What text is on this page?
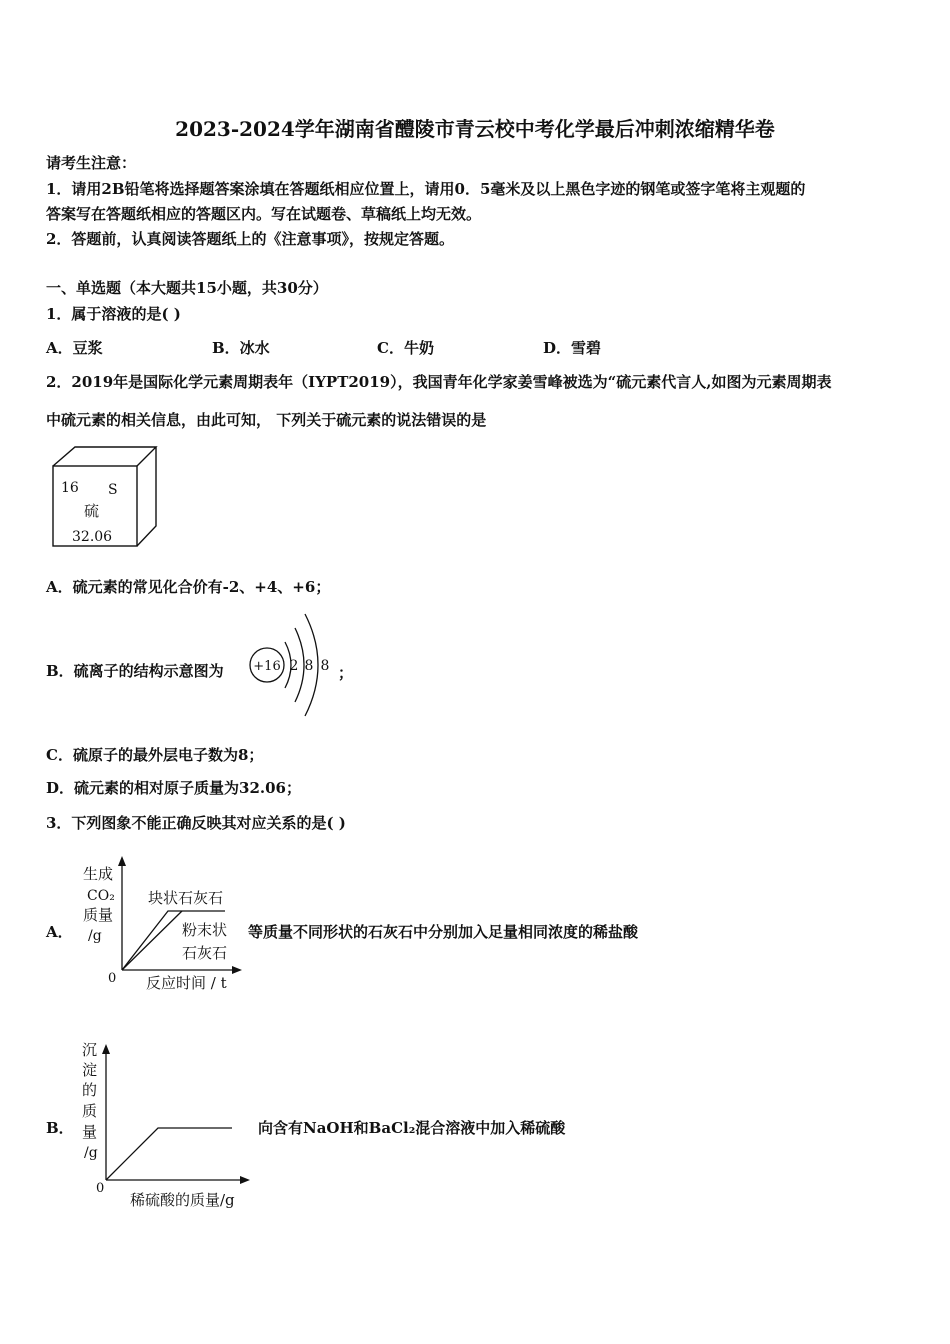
2023-2024学年湖南省醴陵市青云校中考化学最后冲刺浓缩精华卷
请考生注意：
1．请用2B铅笔将选择题答案涂填在答题纸相应位置上，请用0．5毫米及以上黑色字迹的钢笔或签字笔将主观题的
答案写在答题纸相应的答题区内。写在试题卷、草稿纸上均无效。
2．答题前，认真阅读答题纸上的《注意事项》，按规定答题。
一、单选题（本大题共15小题，共30分）
1．属于溶液的是( )
A．豆浆	B．冰水	C．牛奶	D．雪碧
2．2019年是国际化学元素周期表年（IYPT2019），我国青年化学家姜雪峰被选为“硫元素代言人,如图为元素周期表
中硫元素的相关信息，由此可知， 下列关于硫元素的说法错误的是
16 S
硫
32.06
A．硫元素的常见化合价有-2、+4、+6；
B．硫离子的结构示意图为 +16 2 8 8 ；
C．硫原子的最外层电子数为8；
D．硫元素的相对原子质量为32.06；
3．下列图象不能正确反映其对应关系的是( )
A．
生成
CO₂
质量
/g
0 反应时间 / t
块状石灰石
粉末状
石灰石
等质量不同形状的石灰石中分别加入足量相同浓度的稀盐酸
B．
沉
淀
的
质
量
/g
0
稀硫酸的质量/g
向含有NaOH和BaCl₂混合溶液中加入稀硫酸
